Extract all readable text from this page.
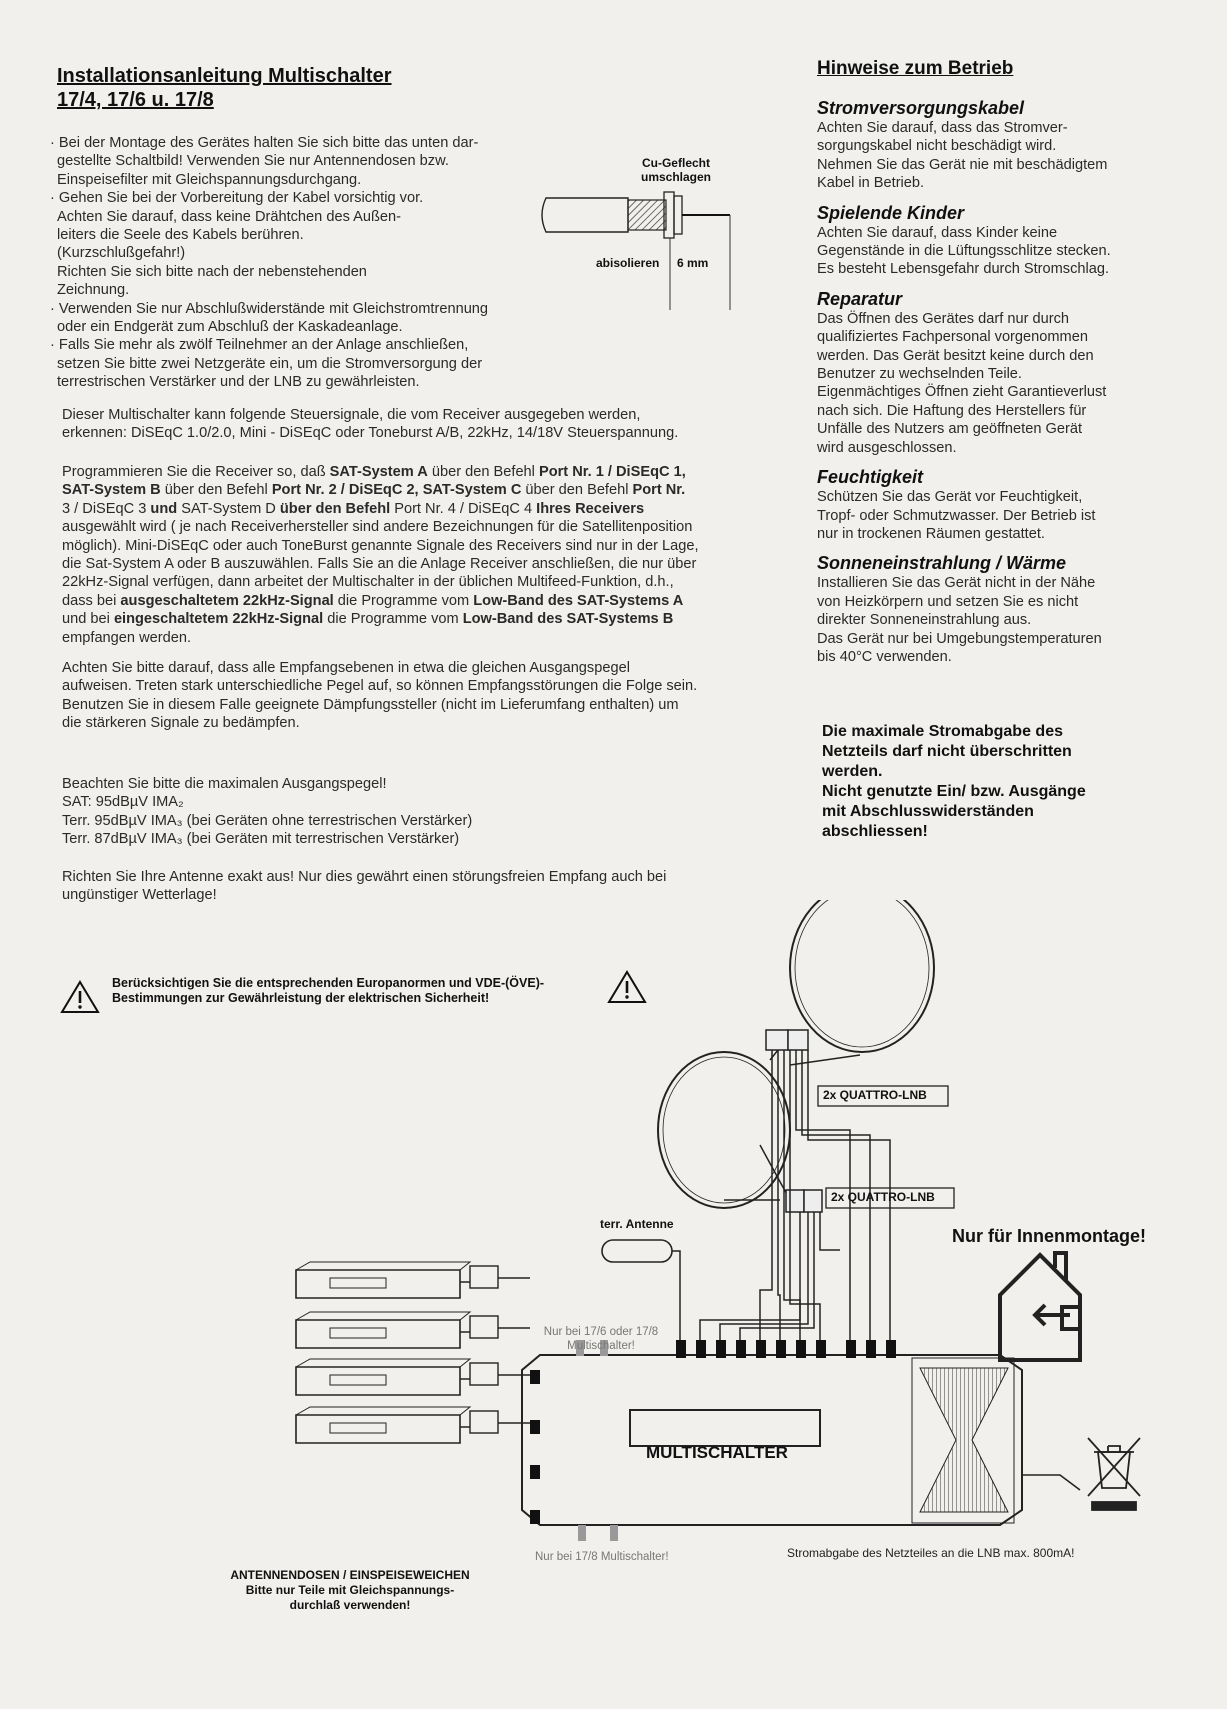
Installationsanleitung Multischalter
17/4, 17/6 u. 17/8
· Bei der Montage des Gerätes halten Sie sich bitte das unten dar-
gestellte Schaltbild! Verwenden Sie nur Antennendosen bzw.
Einspeisefilter mit Gleichspannungsdurchgang.
· Gehen Sie bei der Vorbereitung der Kabel vorsichtig vor.
Achten Sie darauf, dass keine Drähtchen des Außen-
leiters die Seele des Kabels berühren.
(Kurzschlußgefahr!)
Richten Sie sich bitte nach der nebenstehenden
Zeichnung.
· Verwenden Sie nur Abschlußwiderstände mit Gleichstromtrennung
oder ein Endgerät zum Abschluß der Kaskadeanlage.
· Falls Sie mehr als zwölf Teilnehmer an der Anlage anschließen,
setzen Sie bitte zwei Netzgeräte ein, um die Stromversorgung der
terrestrischen Verstärker und der LNB zu gewährleisten.
Cu-Geflecht
umschlagen
abisolieren 6 mm
Dieser Multischalter kann folgende Steuersignale, die vom Receiver ausgegeben werden,
erkennen: DiSEqC 1.0/2.0, Mini - DiSEqC oder Toneburst A/B, 22kHz, 14/18V Steuerspannung.
Programmieren Sie die Receiver so, daß SAT-System A über den Befehl Port Nr. 1 / DiSEqC 1,
SAT-System B über den Befehl Port Nr. 2 / DiSEqC 2, SAT-System C über den Befehl Port Nr.
3 / DiSEqC 3 und SAT-System D über den Befehl Port Nr. 4 / DiSEqC 4 Ihres Receivers
ausgewählt wird ( je nach Receiverhersteller sind andere Bezeichnungen für die Satellitenposition
möglich). Mini-DiSEqC oder auch ToneBurst genannte Signale des Receivers sind nur in der Lage,
die Sat-System A oder B auszuwählen. Falls Sie an die Anlage Receiver anschließen, die nur über
22kHz-Signal verfügen, dann arbeitet der Multischalter in der üblichen Multifeed-Funktion, d.h.,
dass bei ausgeschaltetem 22kHz-Signal die Programme vom Low-Band des SAT-Systems A
und bei eingeschaltetem 22kHz-Signal die Programme vom Low-Band des SAT-Systems B
empfangen werden.
Achten Sie bitte darauf, dass alle Empfangsebenen in etwa die gleichen Ausgangspegel
aufweisen. Treten stark unterschiedliche Pegel auf, so können Empfangsstörungen die Folge sein.
Benutzen Sie in diesem Falle geeignete Dämpfungssteller (nicht im Lieferumfang enthalten) um
die stärkeren Signale zu bedämpfen.
Beachten Sie bitte die maximalen Ausgangspegel!
SAT: 95dBµV IMA₂
Terr. 95dBµV IMA₃ (bei Geräten ohne terrestrischen Verstärker)
Terr. 87dBµV IMA₃ (bei Geräten mit terrestrischen Verstärker)
Richten Sie Ihre Antenne exakt aus! Nur dies gewährt einen störungsfreien Empfang auch bei
ungünstiger Wetterlage!
Hinweise zum Betrieb
Stromversorgungskabel
Achten Sie darauf, dass das Stromver-
sorgungskabel nicht beschädigt wird.
Nehmen Sie das Gerät nie mit beschädigtem
Kabel in Betrieb.
Spielende Kinder
Achten Sie darauf, dass Kinder keine
Gegenstände in die Lüftungsschlitze stecken.
Es besteht Lebensgefahr durch Stromschlag.
Reparatur
Das Öffnen des Gerätes darf nur durch
qualifiziertes Fachpersonal vorgenommen
werden. Das Gerät besitzt keine durch den
Benutzer zu wechselnden Teile.
Eigenmächtiges Öffnen zieht Garantieverlust
nach sich. Die Haftung des Herstellers für
Unfälle des Nutzers am geöffneten Gerät
wird ausgeschlossen.
Feuchtigkeit
Schützen Sie das Gerät vor Feuchtigkeit,
Tropf- oder Schmutzwasser. Der Betrieb ist
nur in trockenen Räumen gestattet.
Sonneneinstrahlung / Wärme
Installieren Sie das Gerät nicht in der Nähe
von Heizkörpern und setzen Sie es nicht
direkter Sonneneinstrahlung aus.
Das Gerät nur bei Umgebungstemperaturen
bis 40°C verwenden.
Die maximale Stromabgabe des
Netzteils darf nicht überschritten
werden.
Nicht genutzte Ein/ bzw. Ausgänge
mit Abschlusswiderständen
abschliessen!
Berücksichtigen Sie die entsprechenden Europanormen und VDE-(ÖVE)-
Bestimmungen zur Gewährleistung der elektrischen Sicherheit!
2x QUATTRO-LNB
2x QUATTRO-LNB
terr. Antenne
Nur für Innenmontage!
Nur bei 17/6 oder 17/8
Multischalter!
MULTISCHALTER
Nur bei 17/8 Multischalter!	Stromabgabe des Netzteiles an die LNB max. 800mA!
ANTENNENDOSEN / EINSPEISEWEICHEN
Bitte nur Teile mit Gleichspannungs-
durchlaß verwenden!
